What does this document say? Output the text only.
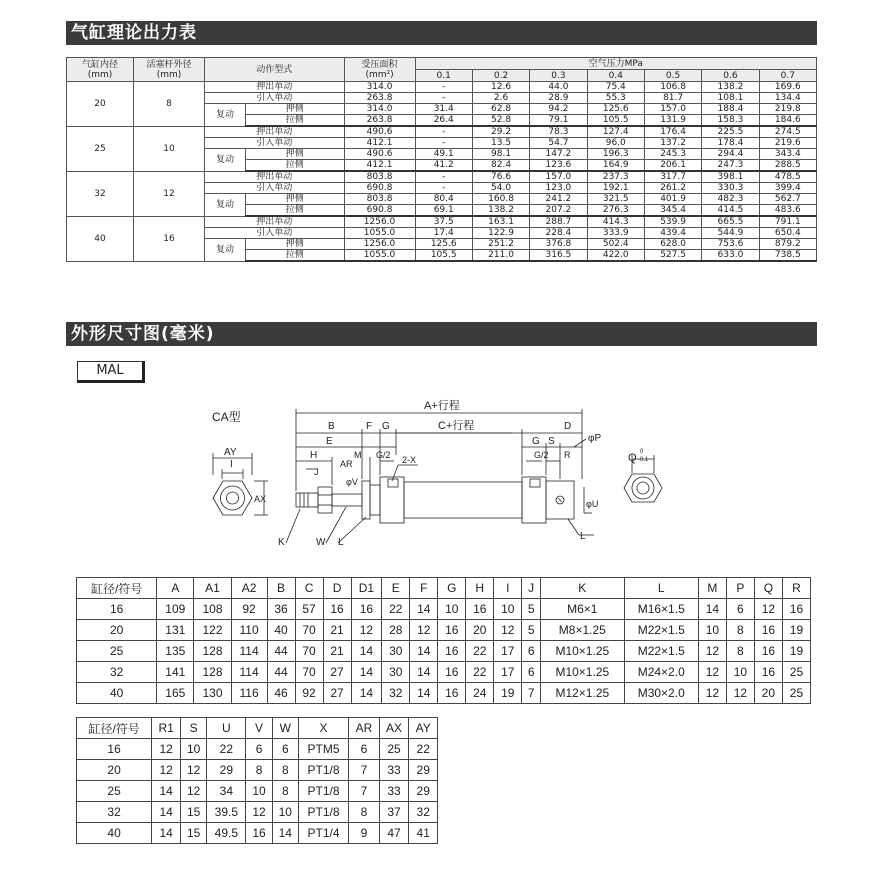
气缸理论出力表
气缸内径
(mm)	活塞杆外径
(mm)	动作型式		受压面积
(mm²)	空气压力MPa						
					0.1	0.2	0.3	0.4	0.5	0.6	0.7
20	8	押出单动		314.0	-	12.6	44.0	75.4	106.8	138.2	169.6
		引入单动		263.8	-	2.6	28.9	55.3	81.7	108.1	134.4
		复动	押侧	314.0	31.4	62.8	94.2	125.6	157.0	188.4	219.8
			拉侧	263.8	26.4	52.8	79.1	105.5	131.9	158.3	184.6
25	10	押出单动		490.6	-	29.2	78.3	127.4	176.4	225.5	274.5
		引入单动		412.1	-	13.5	54.7	96.0	137.2	178.4	219.6
		复动	押侧	490.6	49.1	98.1	147.2	196.3	245.3	294.4	343.4
			拉侧	412.1	41.2	82.4	123.6	164.9	206.1	247.3	288.5
32	12	押出单动		803.8	-	76.6	157.0	237.3	317.7	398.1	478.5
		引入单动		690.8	-	54.0	123.0	192.1	261.2	330.3	399.4
		复动	押侧	803.8	80.4	160.8	241.2	321.5	401.9	482.3	562.7
			拉侧	690.8	69.1	138.2	207.2	276.3	345.4	414.5	483.6
40	16	押出单动		1256.0	37.5	163.1	288.7	414.3	539.9	665.5	791.1
		引入单动		1055.0	17.4	122.9	228.4	333.9	439.4	544.9	650.4
		复动	押侧	1256.0	125.6	251.2	376.8	502.4	628.0	753.6	879.2
			拉侧	1055.0	105.5	211.0	316.5	422.0	527.5	633.0	738.5
外形尺寸图(毫米)
MAL
CA型
AY
I
AX
A+行程
C+行程
B	F G
E
D
G S	φP
H
J
M
AR
G/2	G/2 R
2-X
φV
φU
K	W L
L
Q 0
-0.1
缸径/符号	A	A1	A2	B	C	D	D1	E	F	G	H	I	J	K	L	M	P	Q	R
16	109	108	92	36	57	16	16	22	14	10	16	10	5	M6×1	M16×1.5	14	6	12	16
20	131	122	110	40	70	21	12	28	12	16	20	12	5	M8×1.25	M22×1.5	10	8	16	19
25	135	128	114	44	70	21	14	30	14	16	22	17	6	M10×1.25	M22×1.5	12	8	16	19
32	141	128	114	44	70	27	14	30	14	16	22	17	6	M10×1.25	M24×2.0	12	10	16	25
40	165	130	116	46	92	27	14	32	14	16	24	19	7	M12×1.25	M30×2.0	12	12	20	25
缸径/符号	R1	S	U	V	W	X	AR	AX	AY
16	12	10	22	6	6	PTM5	6	25	22
20	12	12	29	8	8	PT1/8	7	33	29
25	14	12	34	10	8	PT1/8	7	33	29
32	14	15	39.5	12	10	PT1/8	8	37	32
40	14	15	49.5	16	14	PT1/4	9	47	41
